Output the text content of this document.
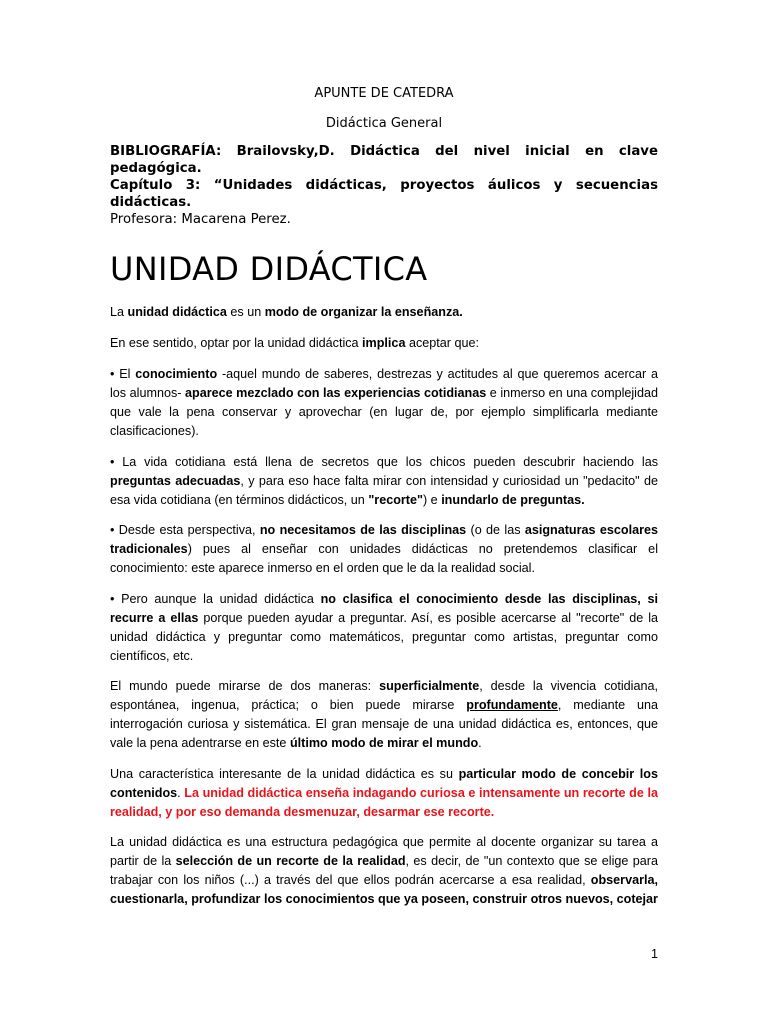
APUNTE DE CATEDRA
Didáctica General
BIBLIOGRAFÍA: Brailovsky,D. Didáctica del nivel inicial en clave
pedagógica.
Capítulo 3: “Unidades didácticas, proyectos áulicos y secuencias
didácticas.
Profesora: Macarena Perez.
UNIDAD DIDÁCTICA

La unidad didáctica es un modo de organizar la enseñanza.

En ese sentido, optar por la unidad didáctica implica aceptar que:

• El conocimiento -aquel mundo de saberes, destrezas y actitudes al que queremos acercar a los alumnos- aparece mezclado con las experiencias cotidianas e inmerso en una complejidad que vale la pena conservar y aprovechar (en lugar de, por ejemplo simplificarla mediante clasificaciones).

• La vida cotidiana está llena de secretos que los chicos pueden descubrir haciendo las preguntas adecuadas, y para eso hace falta mirar con intensidad y curiosidad un "pedacito" de esa vida cotidiana (en términos didácticos, un "recorte") e inundarlo de preguntas.

• Desde esta perspectiva, no necesitamos de las disciplinas (o de las asignaturas escolares tradicionales) pues al enseñar con unidades didácticas no pretendemos clasificar el conocimiento: este aparece inmerso en el orden que le da la realidad social.

• Pero aunque la unidad didáctica no clasifica el conocimiento desde las disciplinas, si recurre a ellas porque pueden ayudar a preguntar. Así, es posible acercarse al "recorte" de la unidad didáctica y preguntar como matemáticos, preguntar como artistas, preguntar como científicos, etc.

El mundo puede mirarse de dos maneras: superficialmente, desde la vivencia cotidiana, espontánea, ingenua, práctica; o bien puede mirarse profundamente, mediante una interrogación curiosa y sistemática. El gran mensaje de una unidad didáctica es, entonces, que vale la pena adentrarse en este último modo de mirar el mundo.

Una característica interesante de la unidad didáctica es su particular modo de concebir los contenidos. La unidad didáctica enseña indagando curiosa e intensamente un recorte de la realidad, y por eso demanda desmenuzar, desarmar ese recorte.

La unidad didáctica es una estructura pedagógica que permite al docente organizar su tarea a partir de la selección de un recorte de la realidad, es decir, de "un contexto que se elige para trabajar con los niños (...) a través del que ellos podrán acercarse a esa realidad, observarla, cuestionarla, profundizar los conocimientos que ya poseen, construir otros nuevos, cotejar

1
